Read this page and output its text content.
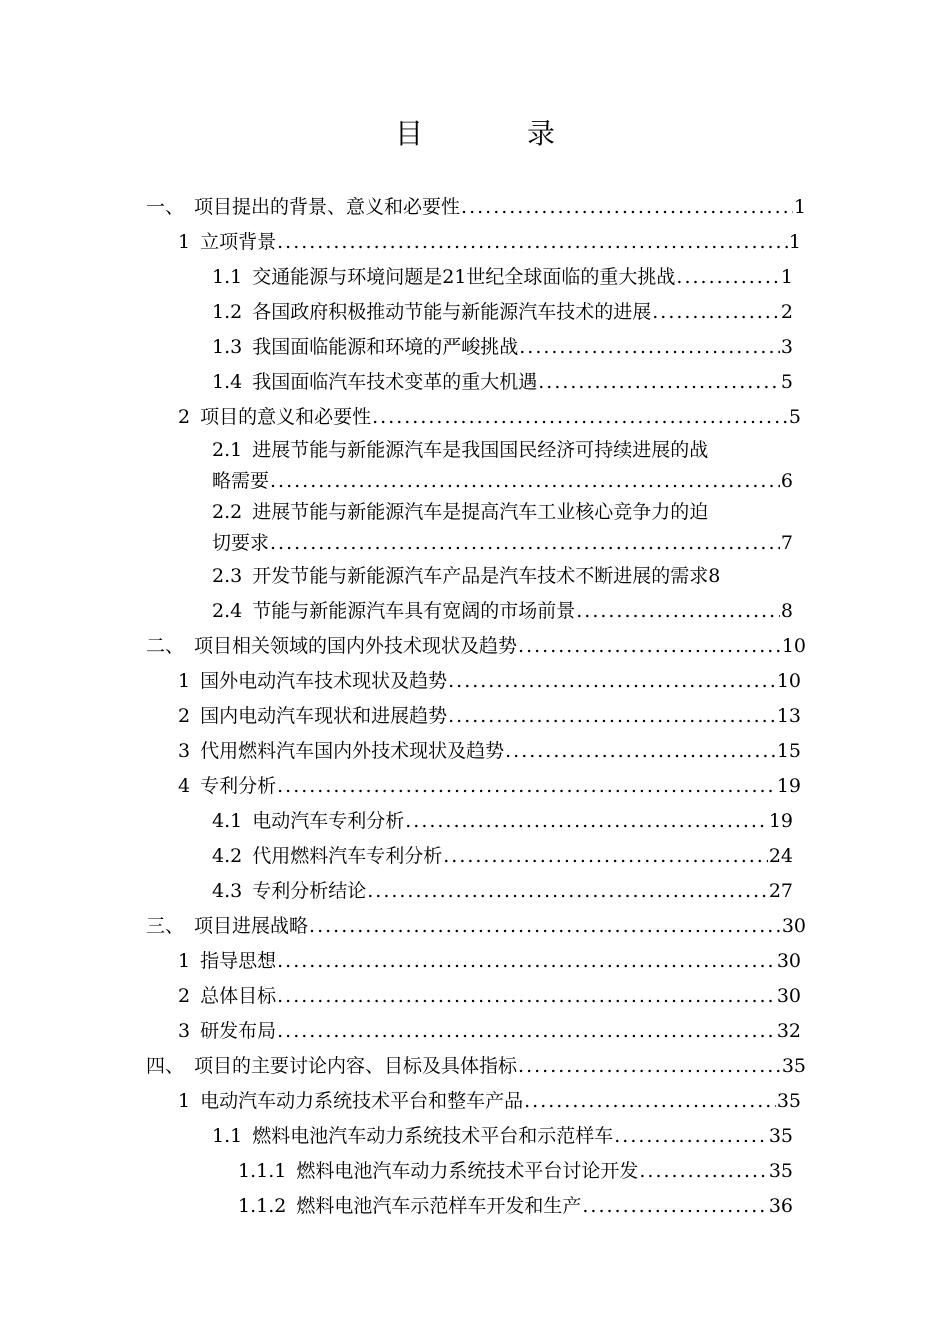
目　录
一、 项目提出的背景、意义和必要性 .....	1
1 立项背景 .....	1
1.1 交通能源与环境问题是21世纪全球面临的重大挑战 .....	1
1.2 各国政府积极推动节能与新能源汽车技术的进展 .....	2
1.3 我国面临能源和环境的严峻挑战 .....	3
1.4 我国面临汽车技术变革的重大机遇 .....	5
2 项目的意义和必要性 .....	5
2.1 进展节能与新能源汽车是我国国民经济可持续进展的战
略需要 .....	6
2.2 进展节能与新能源汽车是提高汽车工业核心竞争力的迫
切要求 .....	7
2.3 开发节能与新能源汽车产品是汽车技术不断进展的需求 8
2.4 节能与新能源汽车具有宽阔的市场前景 .....	8
二、 项目相关领域的国内外技术现状及趋势 .....	10
1 国外电动汽车技术现状及趋势 .....	10
2 国内电动汽车现状和进展趋势 .....	13
3 代用燃料汽车国内外技术现状及趋势 .....	15
4 专利分析 .....	19
4.1 电动汽车专利分析 .....	19
4.2 代用燃料汽车专利分析 .....	24
4.3 专利分析结论 .....	27
三、 项目进展战略 .....	30
1 指导思想 .....	30
2 总体目标 .....	30
3 研发布局 .....	32
四、 项目的主要讨论内容、目标及具体指标 .....	35
1 电动汽车动力系统技术平台和整车产品 .....	35
1.1 燃料电池汽车动力系统技术平台和示范样车 .....	35
1.1.1 燃料电池汽车动力系统技术平台讨论开发 .....	35
1.1.2 燃料电池汽车示范样车开发和生产 .....	36
